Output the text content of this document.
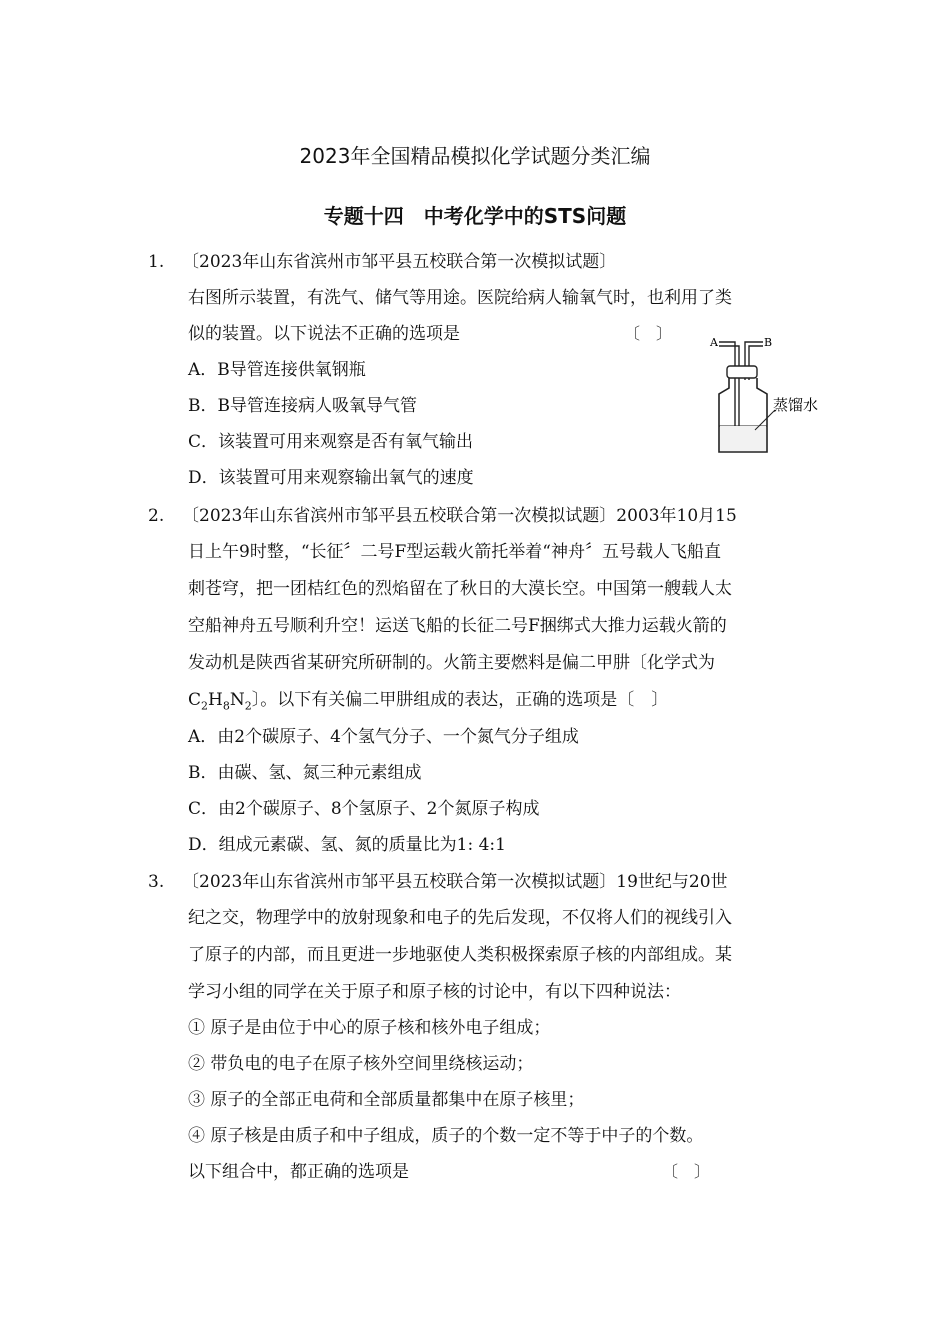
2023年全国精品模拟化学试题分类汇编
专题十四　中考化学中的STS问题
1. 〔2023年山东省滨州市邹平县五校联合第一次模拟试题〕
右图所示装置，有洗气、储气等用途。医院给病人输氧气时，也利用了类
似的装置。以下说法不正确的选项是	〔　〕
A．B导管连接供氧钢瓶
B．B导管连接病人吸氧导气管
C．该装置可用来观察是否有氧气输出
D．该装置可用来观察输出氧气的速度
A	B
蒸馏水
2. 〔2023年山东省滨州市邹平县五校联合第一次模拟试题〕2003年10月15
日上午9时整，“长征〞二号F型运载火箭托举着“神舟〞五号载人飞船直
刺苍穹，把一团桔红色的烈焰留在了秋日的大漠长空。中国第一艘载人太
空船神舟五号顺利升空！运送飞船的长征二号F捆绑式大推力运载火箭的
发动机是陕西省某研究所研制的。火箭主要燃料是偏二甲肼〔化学式为
$C_2H_8N_2$〕。以下有关偏二甲肼组成的表达，正确的选项是〔　〕
A．由2个碳原子、4个氢气分子、一个氮气分子组成
B．由碳、氢、氮三种元素组成
C．由2个碳原子、8个氢原子、2个氮原子构成
D．组成元素碳、氢、氮的质量比为1: 4:1
3. 〔2023年山东省滨州市邹平县五校联合第一次模拟试题〕19世纪与20世
纪之交，物理学中的放射现象和电子的先后发现，不仅将人们的视线引入
了原子的内部，而且更进一步地驱使人类积极探索原子核的内部组成。某
学习小组的同学在关于原子和原子核的讨论中，有以下四种说法：
① 原子是由位于中心的原子核和核外电子组成；
② 带负电的电子在原子核外空间里绕核运动；
③ 原子的全部正电荷和全部质量都集中在原子核里；
④ 原子核是由质子和中子组成，质子的个数一定不等于中子的个数。
以下组合中，都正确的选项是	〔　〕
